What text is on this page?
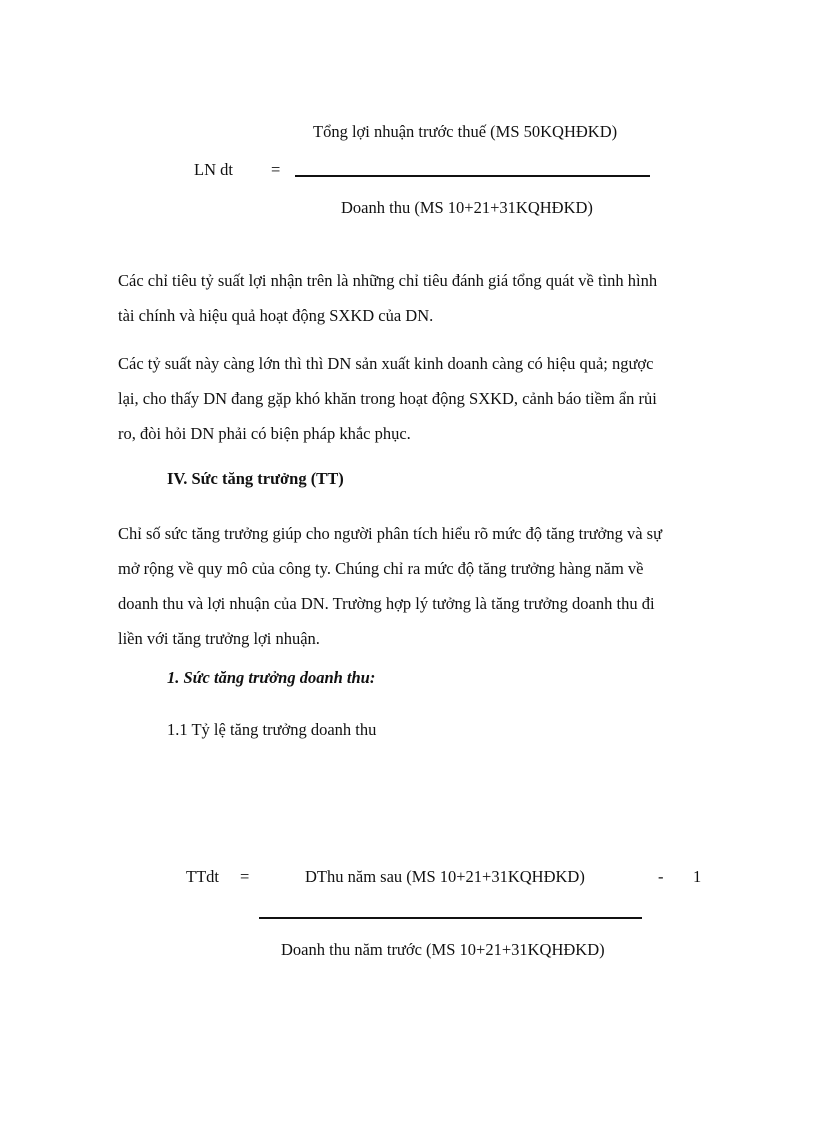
Tổng lợi nhuận trước thuế (MS 50KQHĐKD)
LN dt =
Doanh thu (MS 10+21+31KQHĐKD)
Các chỉ tiêu tỷ suất lợi nhận trên là những chỉ tiêu đánh giá tổng quát về tình hình
tài chính và hiệu quả hoạt động SXKD của DN.
Các tỷ suất này càng lớn thì thì DN sản xuất kinh doanh càng có hiệu quả; ngược
lại, cho thấy DN đang gặp khó khăn trong hoạt động SXKD, cảnh báo tiềm ẩn rủi
ro, đòi hỏi DN phải có biện pháp khắc phục.
IV. Sức tăng trưởng (TT)
Chỉ số sức tăng trưởng giúp cho người phân tích hiểu rõ mức độ tăng trưởng và sự
mở rộng về quy mô của công ty. Chúng chỉ ra mức độ tăng trưởng hàng năm về
doanh thu và lợi nhuận của DN. Trường hợp lý tưởng là tăng trưởng doanh thu đi
liền với tăng trưởng lợi nhuận.
1. Sức tăng trưởng doanh thu:
1.1 Tỷ lệ tăng trưởng doanh thu
TTdt =	DThu năm sau (MS 10+21+31KQHĐKD)	- 1
Doanh thu năm trước (MS 10+21+31KQHĐKD)
